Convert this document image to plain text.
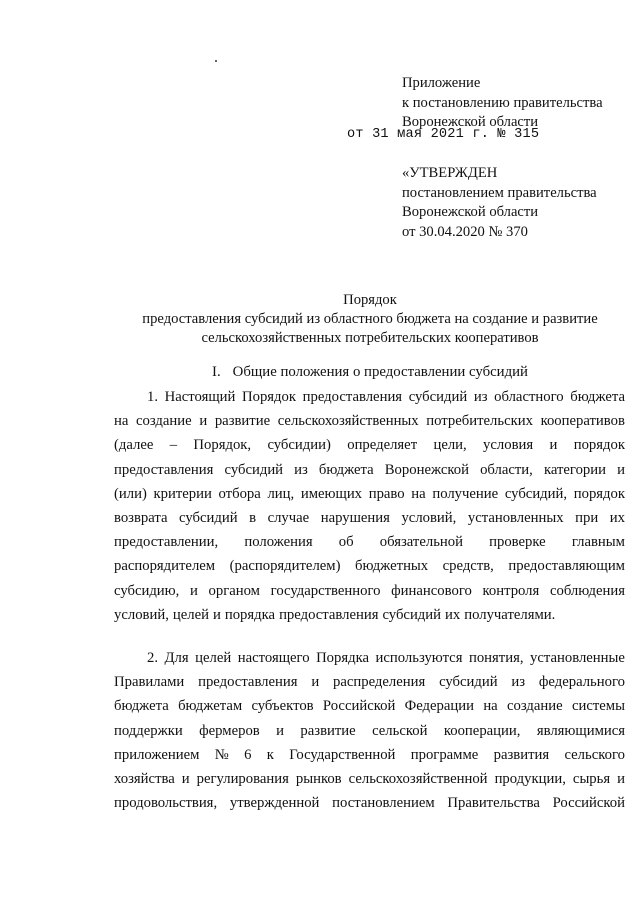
Приложение
к постановлению правительства
Воронежской области
от 31 мая 2021 г. № 315
«УТВЕРЖДЕН
постановлением правительства
Воронежской области
от 30.04.2020 № 370
Порядок
предоставления субсидий из областного бюджета на создание и развитие
сельскохозяйственных потребительских кооперативов
I. Общие положения о предоставлении субсидий
1. Настоящий Порядок предоставления субсидий из областного бюджета
на создание и развитие сельскохозяйственных потребительских кооперативов
(далее – Порядок, субсидии) определяет цели, условия и порядок
предоставления субсидий из бюджета Воронежской области, категории и
(или) критерии отбора лиц, имеющих право на получение субсидий, порядок
возврата субсидий в случае нарушения условий, установленных при их
предоставлении, положения об обязательной проверке главным
распорядителем (распорядителем) бюджетных средств, предоставляющим
субсидию, и органом государственного финансового контроля соблюдения
условий, целей и порядка предоставления субсидий их получателями.
2. Для целей настоящего Порядка используются понятия, установленные
Правилами предоставления и распределения субсидий из федерального
бюджета бюджетам субъектов Российской Федерации на создание системы
поддержки фермеров и развитие сельской кооперации, являющимися
приложением № 6 к Государственной программе развития сельского
хозяйства и регулирования рынков сельскохозяйственной продукции, сырья и
продовольствия, утвержденной постановлением Правительства Российской
